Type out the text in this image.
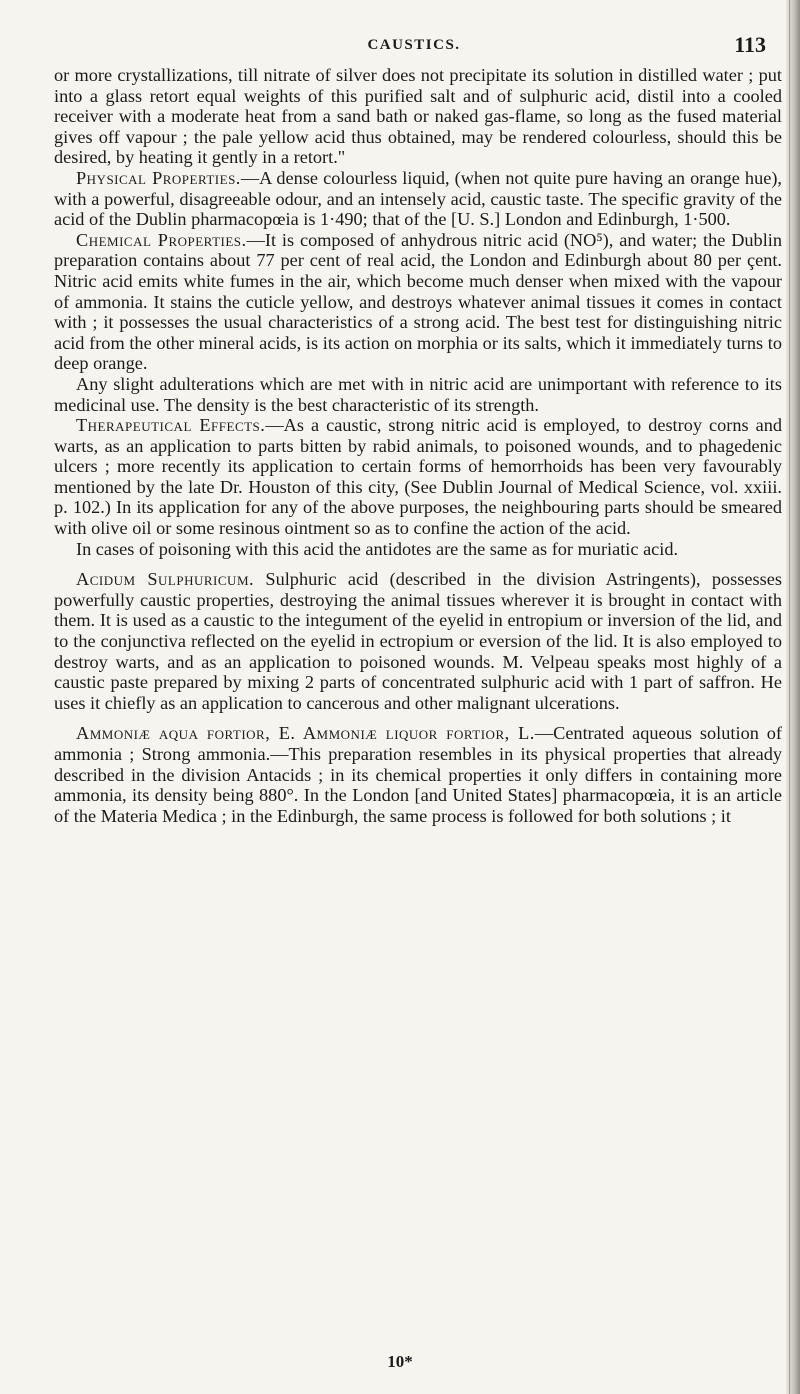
CAUSTICS.	113

or more crystallizations, till nitrate of silver does not precipitate its solution in distilled water ; put into a glass retort equal weights of this purified salt and of sulphuric acid, distil into a cooled receiver with a moderate heat from a sand bath or naked gas-flame, so long as the fused material gives off vapour ; the pale yellow acid thus obtained, may be rendered colourless, should this be desired, by heating it gently in a retort."

Physical Properties.—A dense colourless liquid, (when not quite pure having an orange hue), with a powerful, disagreeable odour, and an intensely acid, caustic taste. The specific gravity of the acid of the Dublin pharmacopœia is 1·490; that of the [U. S.] London and Edinburgh, 1·500.

Chemical Properties.—It is composed of anhydrous nitric acid (NO⁵), and water; the Dublin preparation contains about 77 per cent of real acid, the London and Edinburgh about 80 per çent. Nitric acid emits white fumes in the air, which become much denser when mixed with the vapour of ammonia. It stains the cuticle yellow, and destroys whatever animal tissues it comes in contact with ; it possesses the usual characteristics of a strong acid. The best test for distinguishing nitric acid from the other mineral acids, is its action on morphia or its salts, which it immediately turns to deep orange.

Any slight adulterations which are met with in nitric acid are unimportant with reference to its medicinal use. The density is the best characteristic of its strength.

Therapeutical Effects.—As a caustic, strong nitric acid is employed, to destroy corns and warts, as an application to parts bitten by rabid animals, to poisoned wounds, and to phagedenic ulcers ; more recently its application to certain forms of hemorrhoids has been very favourably mentioned by the late Dr. Houston of this city, (See Dublin Journal of Medical Science, vol. xxiii. p. 102.) In its application for any of the above purposes, the neighbouring parts should be smeared with olive oil or some resinous ointment so as to confine the action of the acid.

In cases of poisoning with this acid the antidotes are the same as for muriatic acid.

Acidum Sulphuricum. Sulphuric acid (described in the division Astringents), possesses powerfully caustic properties, destroying the animal tissues wherever it is brought in contact with them. It is used as a caustic to the integument of the eyelid in entropium or inversion of the lid, and to the conjunctiva reflected on the eyelid in ectropium or eversion of the lid. It is also employed to destroy warts, and as an application to poisoned wounds. M. Velpeau speaks most highly of a caustic paste prepared by mixing 2 parts of concentrated sulphuric acid with 1 part of saffron. He uses it chiefly as an application to cancerous and other malignant ulcerations.

Ammoniæ aqua fortior, E. Ammoniæ liquor fortior, L.—Centrated aqueous solution of ammonia ; Strong ammonia.—This preparation resembles in its physical properties that already described in the division Antacids ; in its chemical properties it only differs in containing more ammonia, its density being 880°. In the London [and United States] pharmacopœia, it is an article of the Materia Medica ; in the Edinburgh, the same process is followed for both solutions ; it

10*
